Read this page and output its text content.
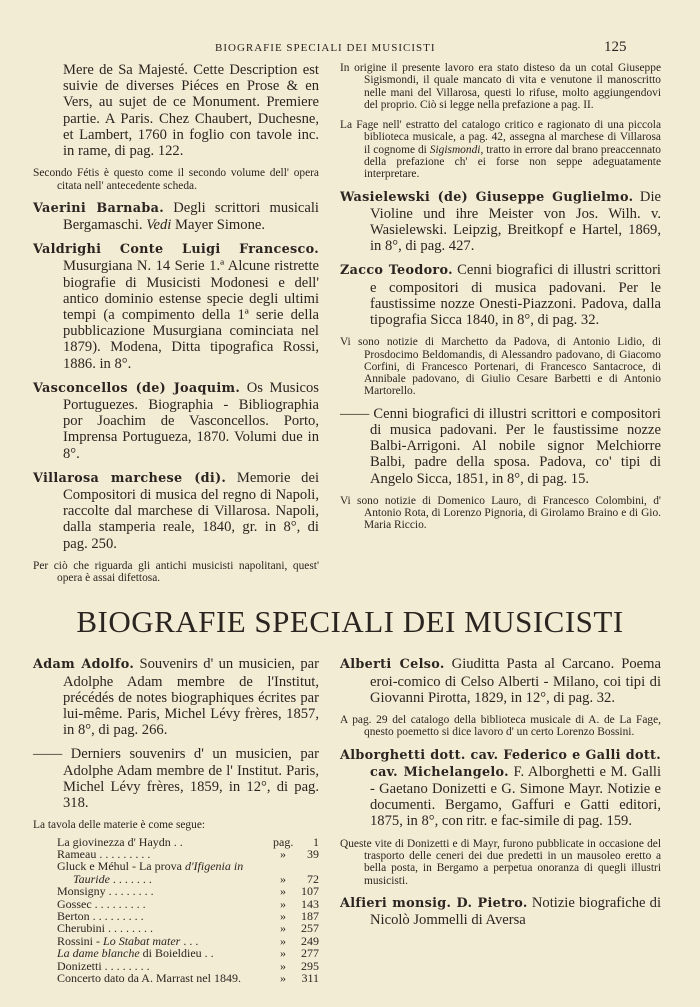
BIOGRAFIE SPECIALI DEI MUSICISTI	125
Mere de Sa Majesté. Cette Description est suivie de diverses Piéces en Prose & en Vers, au sujet de ce Monument. Premiere partie. A Paris. Chez Chaubert, Duchesne, et Lambert, 1760 in foglio con tavole inc. in rame, di pag. 122.
Secondo Fétis è questo come il secondo volume dell' opera citata nell' antecedente scheda.
Vaerini Barnaba. Degli scrittori musicali Bergamaschi. Vedi Mayer Simone.
Valdrighi Conte Luigi Francesco. Musurgiana N. 14 Serie 1.ª Alcune ristrette biografie di Musicisti Modonesi e dell' antico dominio estense specie degli ultimi tempi (a compimento della 1ª serie della pubblicazione Musurgiana cominciata nel 1879). Modena, Ditta tipografica Rossi, 1886. in 8°.
Vasconcellos (de) Joaquim. Os Musicos Portuguezes. Biographia - Bibliographia por Joachim de Vasconcellos. Porto, Imprensa Portugueza, 1870. Volumi due in 8°.
Villarosa marchese (di). Memorie dei Compositori di musica del regno di Napoli, raccolte dal marchese di Villarosa. Napoli, dalla stamperia reale, 1840, gr. in 8°, di pag. 250.
Per ciò che riguarda gli antichi musicisti napolitani, quest' opera è assai difettosa.
In origine il presente lavoro era stato disteso da un cotal Giuseppe Sigismondi, il quale mancato di vita e venutone il manoscritto nelle mani del Villarosa, questi lo rifuse, molto aggiungendovi del proprio. Ciò si legge nella prefazione a pag. II.
La Fage nell' estratto del catalogo critico e ragionato di una piccola biblioteca musicale, a pag. 42, assegna al marchese di Villarosa il cognome di Sigismondi, tratto in errore dal brano preaccennato della prefazione ch' ei forse non seppe adeguatamente interpretare.
Wasielewski (de) Giuseppe Guglielmo. Die Violine und ihre Meister von Jos. Wilh. v. Wasielewski. Leipzig, Breitkopf e Hartel, 1869, in 8°, di pag. 427.
Zacco Teodoro. Cenni biografici di illustri scrittori e compositori di musica padovani. Per le faustissime nozze Onesti-Piazzoni. Padova, dalla tipografia Sicca 1840, in 8°, di pag. 32.
Vi sono notizie di Marchetto da Padova, di Antonio Lidio, di Prosdocimo Beldomandis, di Alessandro padovano, di Giacomo Corfini, di Francesco Portenari, di Francesco Santacroce, di Annibale padovano, di Giulio Cesare Barbetti e di Antonio Martorello.
—— Cenni biografici di illustri scrittori e compositori di musica padovani. Per le faustissime nozze Balbi-Arrigoni. Al nobile signor Melchiorre Balbi, padre della sposa. Padova, co' tipi di Angelo Sicca, 1851, in 8°, di pag. 15.
Vi sono notizie di Domenico Lauro, di Francesco Colombini, d' Antonio Rota, di Lorenzo Pignoria, di Girolamo Braino e di Gio. Maria Riccio.
BIOGRAFIE SPECIALI DEI MUSICISTI
Adam Adolfo. Souvenirs d' un musicien, par Adolphe Adam membre de l'Institut, précédés de notes biographiques écrites par lui-même. Paris, Michel Lévy frères, 1857, in 8°, di pag. 266.
—— Derniers souvenirs d' un musicien, par Adolphe Adam membre de l' Institut. Paris, Michel Lévy frères, 1859, in 12°, di pag. 318.
La tavola delle materie è come segue:
La giovinezza d' Haydn . .	pag.	1
Rameau . . . . . . . . .	»	39
Gluck e Méhul - La prova d'Ifigenia in
Tauride . . . . . . .	»	72
Monsigny . . . . . . . .	»	107
Gossec . . . . . . . . .	»	143
Berton . . . . . . . . .	»	187
Cherubini . . . . . . . .	»	257
Rossini - Lo Stabat mater . . .	»	249
La dame blanche di Boieldieu . .	»	277
Donizetti . . . . . . . .	»	295
Concerto dato da A. Marrast nel 1849.	»	311
Alberti Celso. Giuditta Pasta al Carcano. Poema eroi-comico di Celso Alberti - Milano, coi tipi di Giovanni Pirotta, 1829, in 12°, di pag. 32.
A pag. 29 del catalogo della biblioteca musicale di A. de La Fage, qnesto poemetto si dice lavoro d' un certo Lorenzo Bossini.
Alborghetti dott. cav. Federico e Galli dott. cav. Michelangelo. F. Alborghetti e M. Galli - Gaetano Donizetti e G. Simone Mayr. Notizie e documenti. Bergamo, Gaffuri e Gatti editori, 1875, in 8°, con ritr. e fac-simile di pag. 159.
Queste vite di Donizetti e di Mayr, furono pubblicate in occasione del trasporto delle ceneri dei due predetti in un mausoleo eretto a bella posta, in Bergamo a perpetua onoranza di quegli illustri musicisti.
Alfieri monsig. D. Pietro. Notizie biografiche di Nicolò Jommelli di Aversa
